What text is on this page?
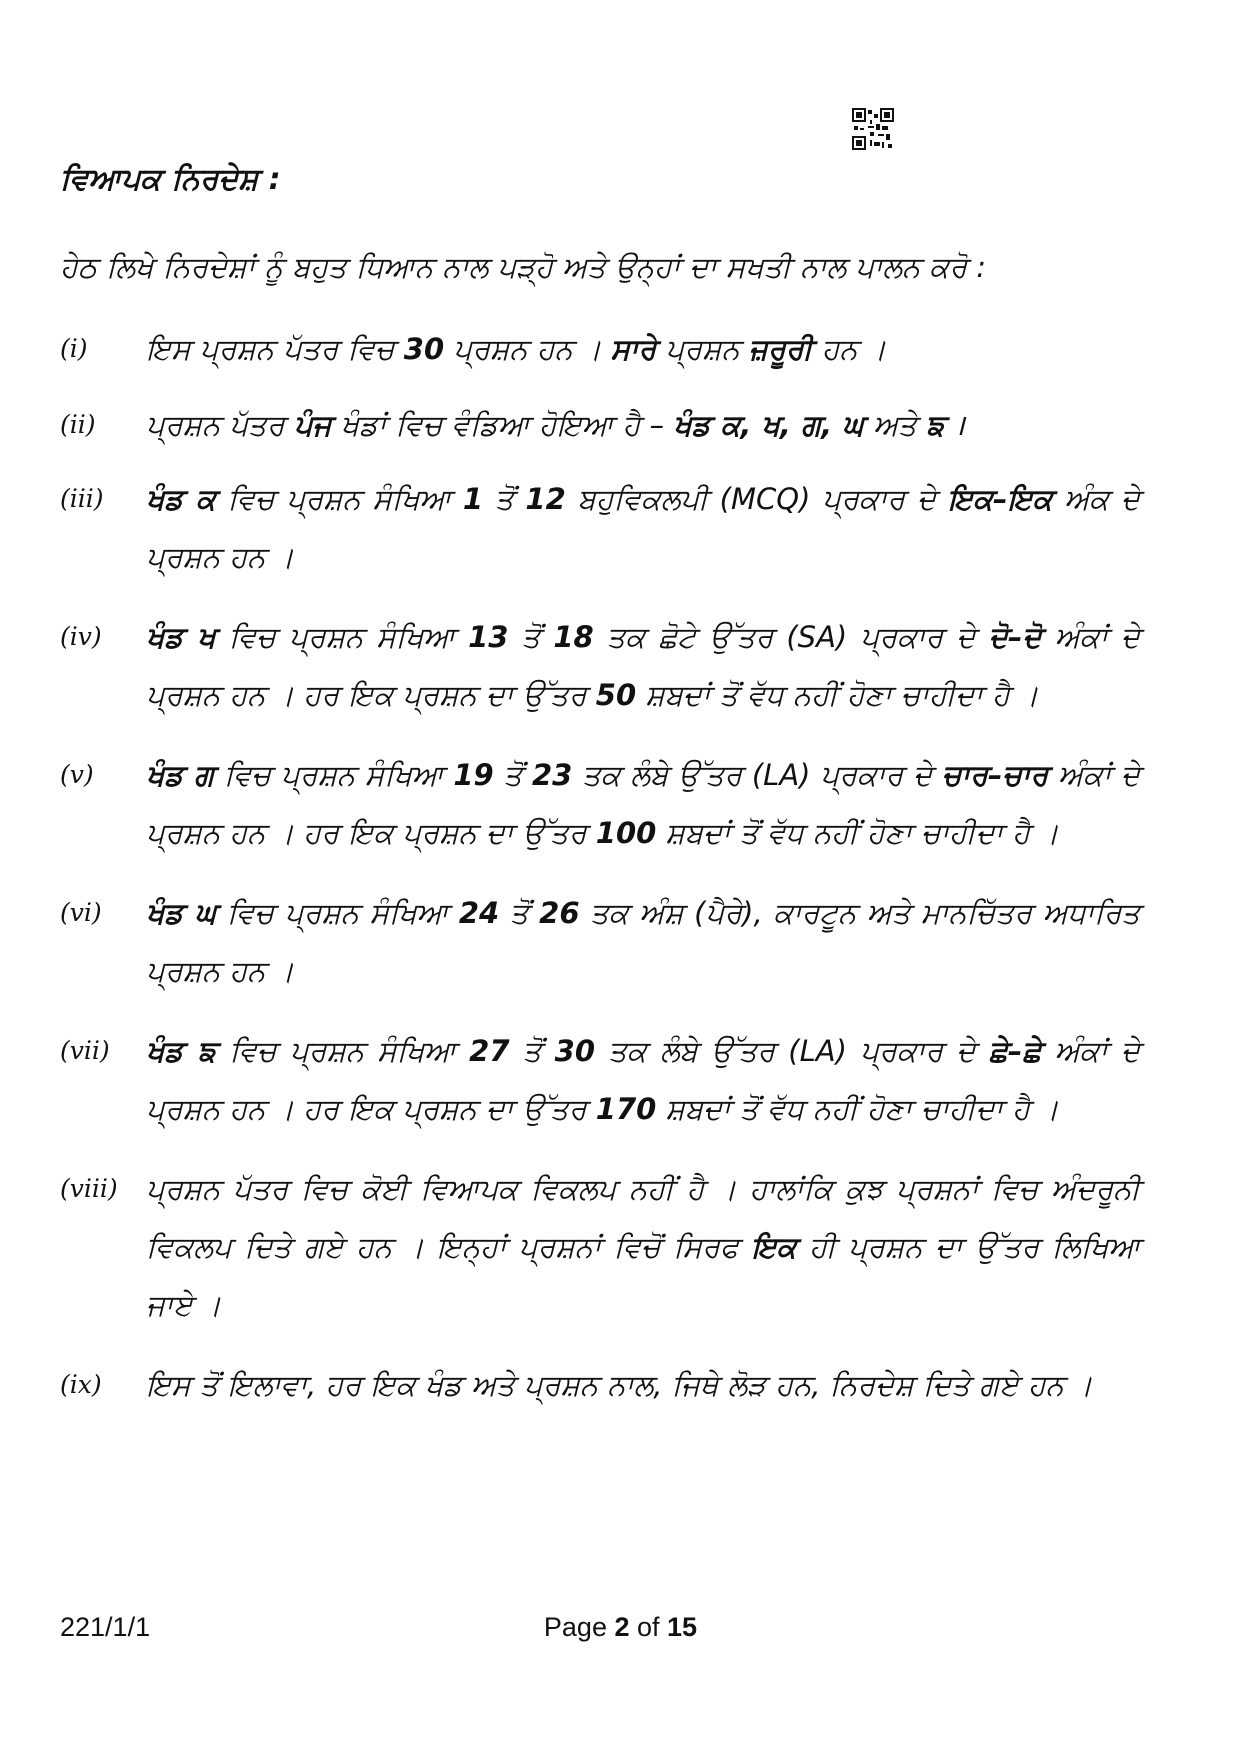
ਵਿਆਪਕ ਨਿਰਦੇਸ਼ :

ਹੇਠ ਲਿਖੇ ਨਿਰਦੇਸ਼ਾਂ ਨੂੰ ਬਹੁਤ ਧਿਆਨ ਨਾਲ ਪੜ੍ਹੋ ਅਤੇ ਉਨ੍ਹਾਂ ਦਾ ਸਖਤੀ ਨਾਲ ਪਾਲਨ ਕਰੋ :

(i)	ਇਸ ਪ੍ਰਸ਼ਨ ਪੱਤਰ ਵਿਚ 30 ਪ੍ਰਸ਼ਨ ਹਨ । ਸਾਰੇ ਪ੍ਰਸ਼ਨ ਜ਼ਰੂਰੀ ਹਨ ।
(ii)	ਪ੍ਰਸ਼ਨ ਪੱਤਰ ਪੰਜ ਖੰਡਾਂ ਵਿਚ ਵੰਡਿਆ ਹੋਇਆ ਹੈ – ਖੰਡ ਕ, ਖ, ਗ, ਘ ਅਤੇ ਙ ।
(iii)	ਖੰਡ ਕ ਵਿਚ ਪ੍ਰਸ਼ਨ ਸੰਖਿਆ 1 ਤੋਂ 12 ਬਹੁਵਿਕਲਪੀ (MCQ) ਪ੍ਰਕਾਰ ਦੇ ਇਕ–ਇਕ ਅੰਕ ਦੇ ਪ੍ਰਸ਼ਨ ਹਨ ।
(iv)	ਖੰਡ ਖ ਵਿਚ ਪ੍ਰਸ਼ਨ ਸੰਖਿਆ 13 ਤੋਂ 18 ਤਕ ਛੋਟੇ ਉੱਤਰ (SA) ਪ੍ਰਕਾਰ ਦੇ ਦੋ–ਦੋ ਅੰਕਾਂ ਦੇ ਪ੍ਰਸ਼ਨ ਹਨ । ਹਰ ਇਕ ਪ੍ਰਸ਼ਨ ਦਾ ਉੱਤਰ 50 ਸ਼ਬਦਾਂ ਤੋਂ ਵੱਧ ਨਹੀਂ ਹੋਣਾ ਚਾਹੀਦਾ ਹੈ ।
(v)	ਖੰਡ ਗ ਵਿਚ ਪ੍ਰਸ਼ਨ ਸੰਖਿਆ 19 ਤੋਂ 23 ਤਕ ਲੰਬੇ ਉੱਤਰ (LA) ਪ੍ਰਕਾਰ ਦੇ ਚਾਰ–ਚਾਰ ਅੰਕਾਂ ਦੇ ਪ੍ਰਸ਼ਨ ਹਨ । ਹਰ ਇਕ ਪ੍ਰਸ਼ਨ ਦਾ ਉੱਤਰ 100 ਸ਼ਬਦਾਂ ਤੋਂ ਵੱਧ ਨਹੀਂ ਹੋਣਾ ਚਾਹੀਦਾ ਹੈ ।
(vi)	ਖੰਡ ਘ ਵਿਚ ਪ੍ਰਸ਼ਨ ਸੰਖਿਆ 24 ਤੋਂ 26 ਤਕ ਅੰਸ਼ (ਪੈਰੇ), ਕਾਰਟੂਨ ਅਤੇ ਮਾਨਚਿੱਤਰ ਅਧਾਰਿਤ ਪ੍ਰਸ਼ਨ ਹਨ ।
(vii)	ਖੰਡ ਙ ਵਿਚ ਪ੍ਰਸ਼ਨ ਸੰਖਿਆ 27 ਤੋਂ 30 ਤਕ ਲੰਬੇ ਉੱਤਰ (LA) ਪ੍ਰਕਾਰ ਦੇ ਛੇ–ਛੇ ਅੰਕਾਂ ਦੇ ਪ੍ਰਸ਼ਨ ਹਨ । ਹਰ ਇਕ ਪ੍ਰਸ਼ਨ ਦਾ ਉੱਤਰ 170 ਸ਼ਬਦਾਂ ਤੋਂ ਵੱਧ ਨਹੀਂ ਹੋਣਾ ਚਾਹੀਦਾ ਹੈ ।
(viii) ਪ੍ਰਸ਼ਨ ਪੱਤਰ ਵਿਚ ਕੋਈ ਵਿਆਪਕ ਵਿਕਲਪ ਨਹੀਂ ਹੈ । ਹਾਲਾਂਕਿ ਕੁਝ ਪ੍ਰਸ਼ਨਾਂ ਵਿਚ ਅੰਦਰੂਨੀ ਵਿਕਲਪ ਦਿਤੇ ਗਏ ਹਨ । ਇਨ੍ਹਾਂ ਪ੍ਰਸ਼ਨਾਂ ਵਿਚੋਂ ਸਿਰਫ ਇਕ ਹੀ ਪ੍ਰਸ਼ਨ ਦਾ ਉੱਤਰ ਲਿਖਿਆ ਜਾਏ ।
(ix)	ਇਸ ਤੋਂ ਇਲਾਵਾ, ਹਰ ਇਕ ਖੰਡ ਅਤੇ ਪ੍ਰਸ਼ਨ ਨਾਲ, ਜਿਥੇ ਲੋੜ ਹਨ, ਨਿਰਦੇਸ਼ ਦਿਤੇ ਗਏ ਹਨ ।
221/1/1	Page 2 of 15
